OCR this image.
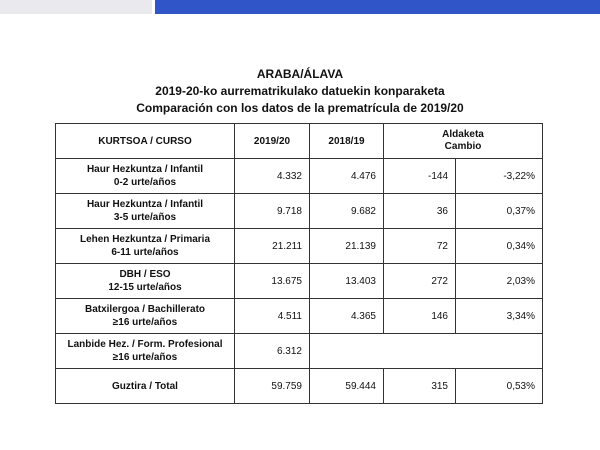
ARABA/ÁLAVA
2019-20-ko aurrematrikulako datuekin konparaketa
Comparación con los datos de la prematrícula de 2019/20
KURTSOA / CURSO	2019/20	2018/19	Aldaketa
Cambio	

Haur Hezkuntza / Infantil
0-2 urte/años	4.332	4.476	-144	-3,22%

Haur Hezkuntza / Infantil
3-5 urte/años	9.718	9.682	36	0,37%

Lehen Hezkuntza / Primaria
6-11 urte/años	21.211	21.139	72	0,34%

DBH / ESO
12-15 urte/años	13.675	13.403	272	2,03%

Batxilergoa / Bachillerato
≥16 urte/años	4.511	4.365	146	3,34%

Lanbide Hez. / Form. Profesional
≥16 urte/años	6.312			
Guztira / Total	59.759	59.444	315	0,53%
